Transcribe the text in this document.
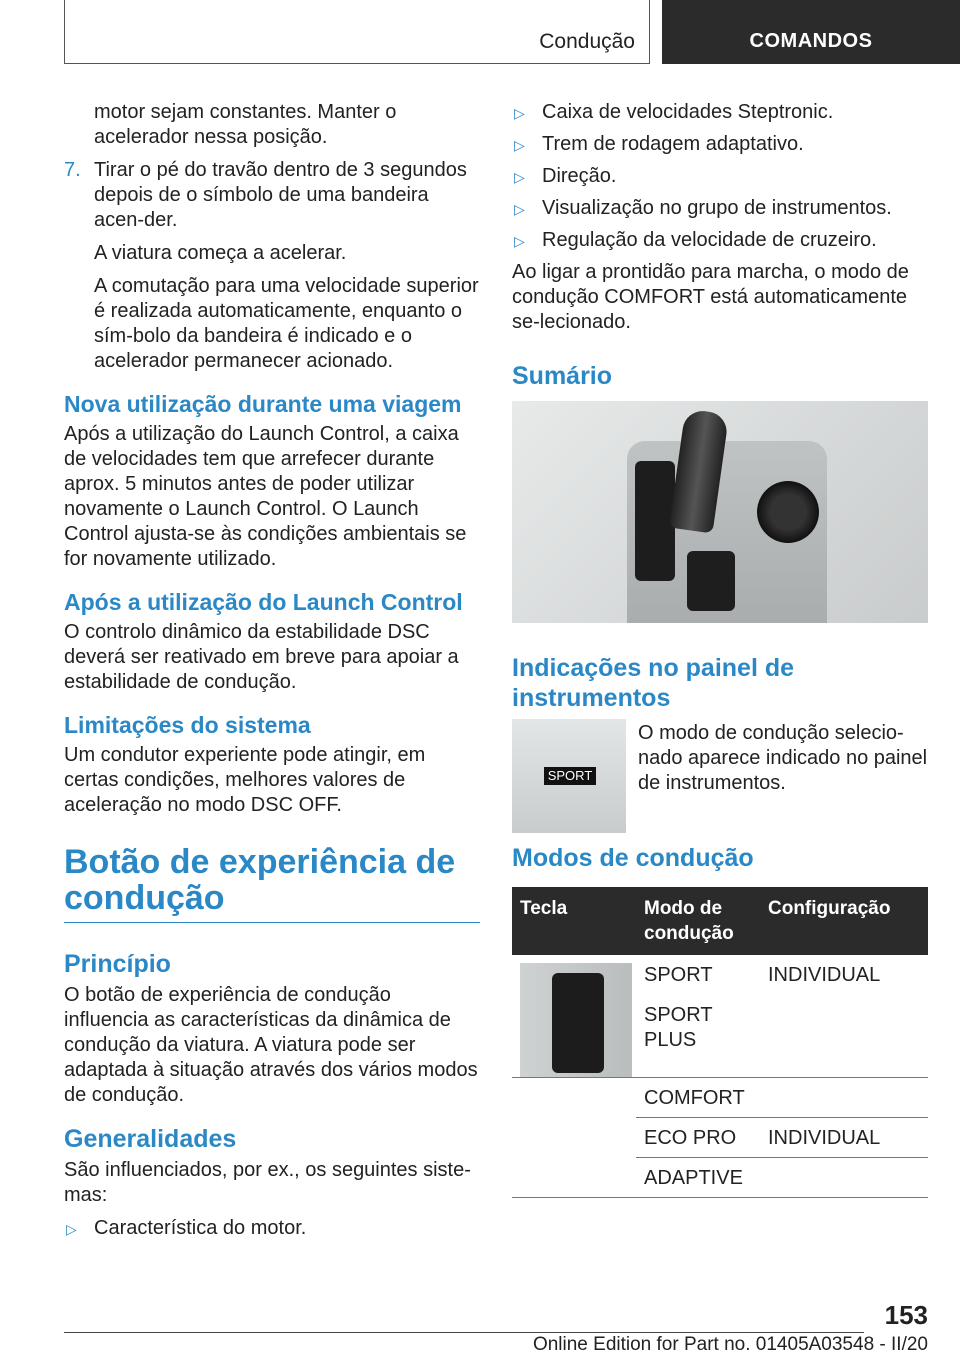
Condução	COMANDOS

motor sejam constantes. Manter o acelerador nessa posição.

7. Tirar o pé do travão dentro de 3 segundos depois de o símbolo de uma bandeira acen-der.

A viatura começa a acelerar.

A comutação para uma velocidade superior é realizada automaticamente, enquanto o sím-bolo da bandeira é indicado e o acelerador permanecer acionado.

Nova utilização durante uma viagem

Após a utilização do Launch Control, a caixa de velocidades tem que arrefecer durante aprox. 5 minutos antes de poder utilizar novamente o Launch Control. O Launch Control ajusta-se às condições ambientais se for novamente utilizado.

Após a utilização do Launch Control

O controlo dinâmico da estabilidade DSC deverá ser reativado em breve para apoiar a estabilidade de condução.

Limitações do sistema

Um condutor experiente pode atingir, em certas condições, melhores valores de aceleração no modo DSC OFF.

Botão de experiência de condução
Princípio

O botão de experiência de condução influencia as características da dinâmica de condução da viatura. A viatura pode ser adaptada à situação através dos vários modos de condução.

Generalidades

São influenciados, por ex., os seguintes siste-mas:

▷ Característica do motor.
▷ Caixa de velocidades Steptronic.
▷ Trem de rodagem adaptativo.
▷ Direção.
▷ Visualização no grupo de instrumentos.
▷ Regulação da velocidade de cruzeiro.

Ao ligar a prontidão para marcha, o modo de condução COMFORT está automaticamente se-lecionado.

Sumário
Indicações no painel de instrumentos
SPORT
O modo de condução selecio-nado aparece indicado no painel de instrumentos.
Modos de condução
Tecla	Modo de condução	Configuração

	SPORT	INDIVIDUAL
	SPORT PLUS	
	COMFORT	
	ECO PRO	INDIVIDUAL
	ADAPTIVE	
153
Online Edition for Part no. 01405A03548 - II/20
